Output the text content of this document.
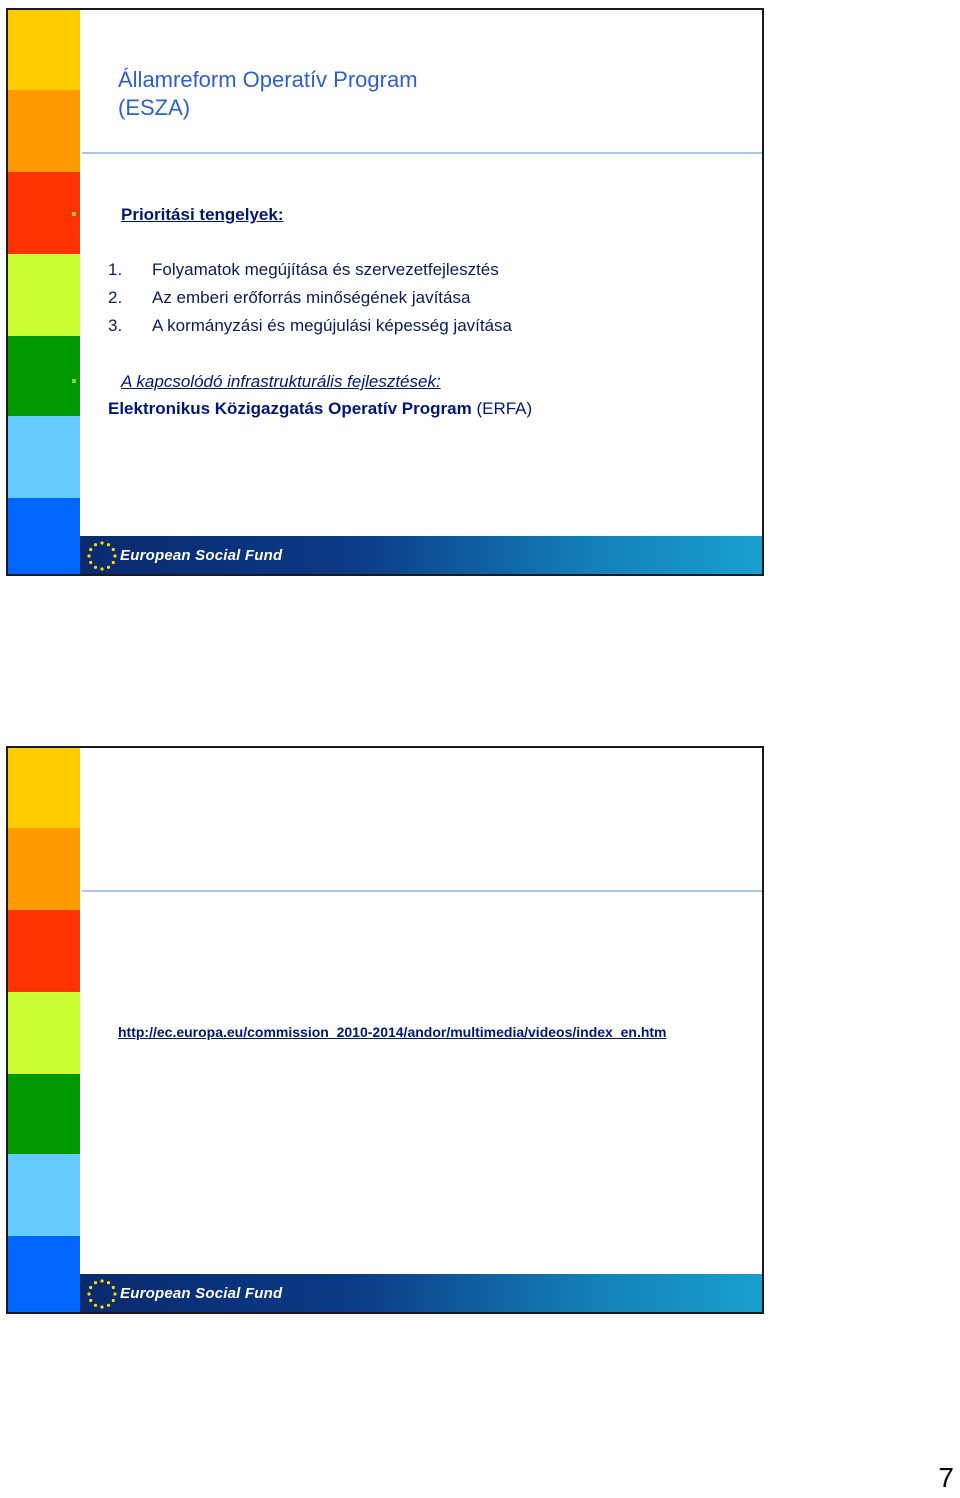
Államreform Operatív Program
(ESZA)
Prioritási tengelyek:
1. Folyamatok megújítása és szervezetfejlesztés
2. Az emberi erőforrás minőségének javítása
3. A kormányzási és megújulási képesség javítása
A kapcsolódó infrastrukturális fejlesztések:
Elektronikus Közigazgatás Operatív Program (ERFA)
European Social Fund
http://ec.europa.eu/commission_2010-2014/andor/multimedia/videos/index_en.htm
European Social Fund
7
